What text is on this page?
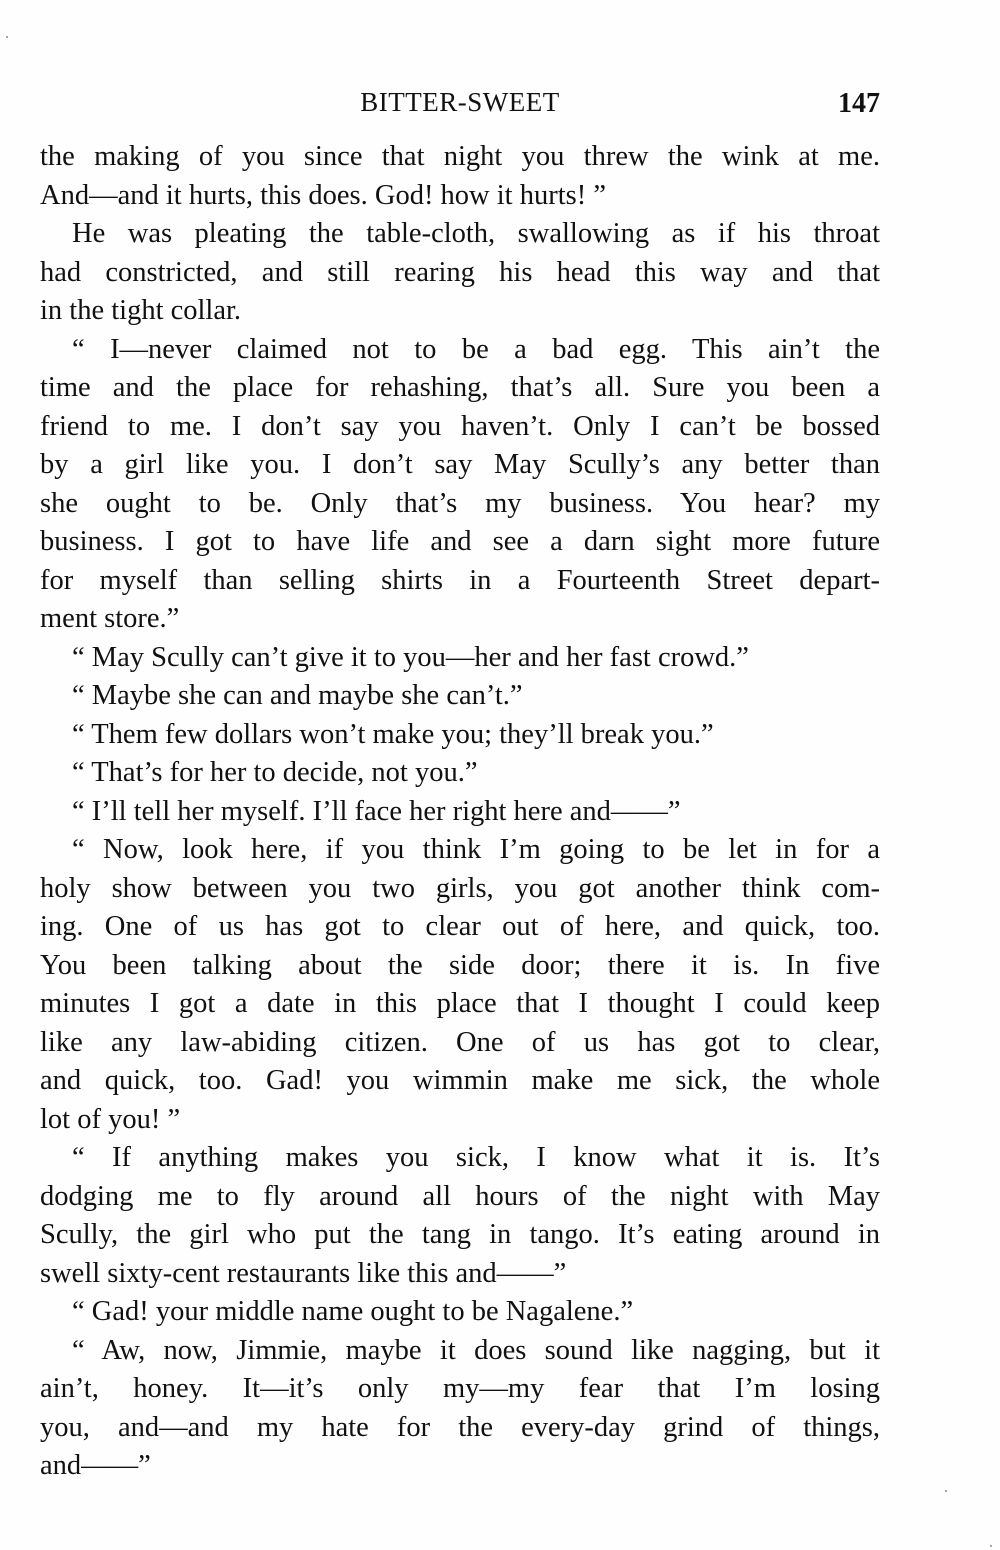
BITTER-SWEET	147
the making of you since that night you threw the wink at me.
And—and it hurts, this does. God! how it hurts! ”
He was pleating the table-cloth, swallowing as if his throat
had constricted, and still rearing his head this way and that
in the tight collar.
“ I—never claimed not to be a bad egg. This ain’t the
time and the place for rehashing, that’s all. Sure you been a
friend to me. I don’t say you haven’t. Only I can’t be bossed
by a girl like you. I don’t say May Scully’s any better than
she ought to be. Only that’s my business. You hear? my
business. I got to have life and see a darn sight more future
for myself than selling shirts in a Fourteenth Street depart-
ment store.”
“ May Scully can’t give it to you—her and her fast crowd.”
“ Maybe she can and maybe she can’t.”
“ Them few dollars won’t make you; they’ll break you.”
“ That’s for her to decide, not you.”
“ I’ll tell her myself. I’ll face her right here and——”
“ Now, look here, if you think I’m going to be let in for a
holy show between you two girls, you got another think com-
ing. One of us has got to clear out of here, and quick, too.
You been talking about the side door; there it is. In five
minutes I got a date in this place that I thought I could keep
like any law-abiding citizen. One of us has got to clear,
and quick, too. Gad! you wimmin make me sick, the whole
lot of you! ”
“ If anything makes you sick, I know what it is. It’s
dodging me to fly around all hours of the night with May
Scully, the girl who put the tang in tango. It’s eating around in
swell sixty-cent restaurants like this and——”
“ Gad! your middle name ought to be Nagalene.”
“ Aw, now, Jimmie, maybe it does sound like nagging, but it
ain’t, honey. It—it’s only my—my fear that I’m losing
you, and—and my hate for the every-day grind of things,
and——”
